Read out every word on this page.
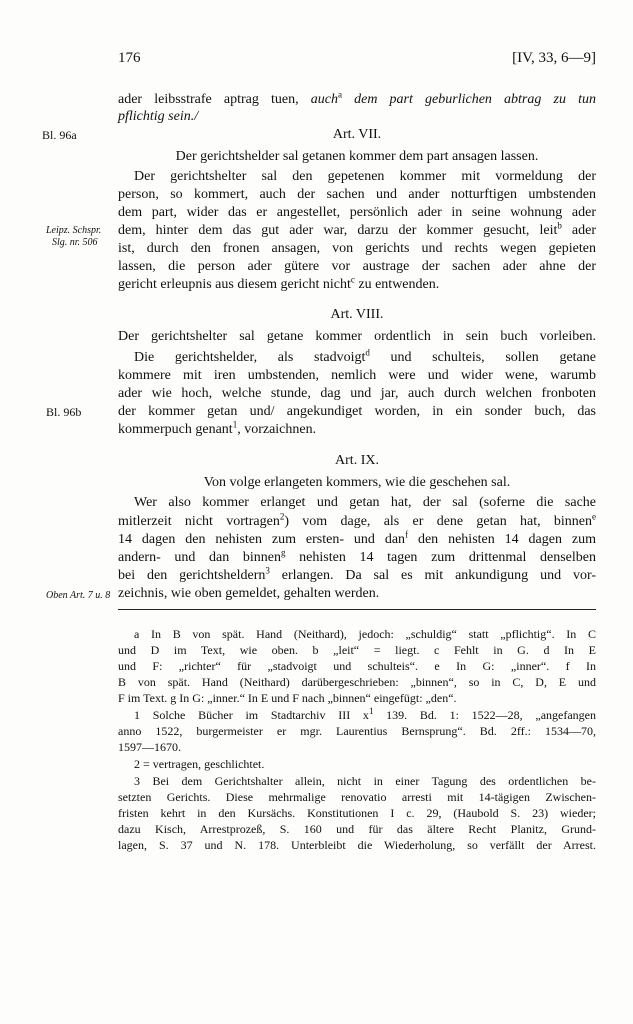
176	[IV, 33, 6—9]
ader leibsstrafe aptrag tuen, auch$^a$ dem part geburlichen abtrag zu tun
pflichtig sein./
Bl. 96a	Art. VII.
Der gerichtshelder sal getanen kommer dem part ansagen lassen.
Der gerichtshelter sal den gepetenen kommer mit vormeldung der
person, so kommert, auch der sachen und ander notturftigen umbstenden
dem part, wider das er angestellet, persönlich ader in seine wohnung ader
Leipz. Schspr.
Slg. nr. 506
dem, hinter dem das gut ader war, darzu der kommer gesucht, leit$^b$ ader
ist, durch den fronen ansagen, von gerichts und rechts wegen gepieten
lassen, die person ader gütere vor austrage der sachen ader ahne der
gericht erleupnis aus diesem gericht nicht$^c$ zu entwenden.
Art. VIII.
Der gerichtshelter sal getane kommer ordentlich in sein buch vorleiben.
Die gerichtshelder, als stadvoigt$^d$ und schulteis, sollen getane
kommere mit iren umbstenden, nemlich were und wider wene, warumb
ader wie hoch, welche stunde, dag und jar, auch durch welchen fronboten
Bl. 96b	der kommer getan und/ angekundiget worden, in ein sonder buch, das
kommerpuch genant$^1$, vorzaichnen.
Art. IX.
Von volge erlangeten kommers, wie die geschehen sal.
Wer also kommer erlanget und getan hat, der sal (soferne die sache
mitlerzeit nicht vortragen$^2$) vom dage, als er dene getan hat, binnen$^e$
14 dagen den nehisten zum ersten- und dan$^f$ den nehisten 14 dagen zum
andern- und dan binnen$^g$ nehisten 14 tagen zum drittenmal denselben
bei den gerichtsheldern$^3$ erlangen. Da sal es mit ankundigung und vor-
Oben Art. 7 u. 8 zeichnis, wie oben gemeldet, gehalten werden.
a In B von spät. Hand (Neithard), jedoch: „schuldig“ statt „pflichtig“. In C
und D im Text, wie oben. b „leit“ = liegt. c Fehlt in G. d In E
und F: „richter“ für „stadvoigt und schulteis“. e In G: „inner“. f In
B von spät. Hand (Neithard) darübergeschrieben: „binnen“, so in C, D, E und
F im Text. g In G: „inner.“ In E und F nach „binnen“ eingefügt: „den“.
1 Solche Bücher im Stadtarchiv III $x^1$ 139. Bd. 1: 1522—28, „angefangen
anno 1522, burgermeister er mgr. Laurentius Bernsprung“. Bd. 2ff.: 1534—70,
1597—1670.
2 = vertragen, geschlichtet.
3 Bei dem Gerichtshalter allein, nicht in einer Tagung des ordentlichen be-
setzten Gerichts. Diese mehrmalige renovatio arresti mit 14-tägigen Zwischen-
fristen kehrt in den Kursächs. Konstitutionen I c. 29, (Haubold S. 23) wieder;
dazu Kisch, Arrestprozeß, S. 160 und für das ältere Recht Planitz, Grund-
lagen, S. 37 und N. 178. Unterbleibt die Wiederholung, so verfällt der Arrest.
